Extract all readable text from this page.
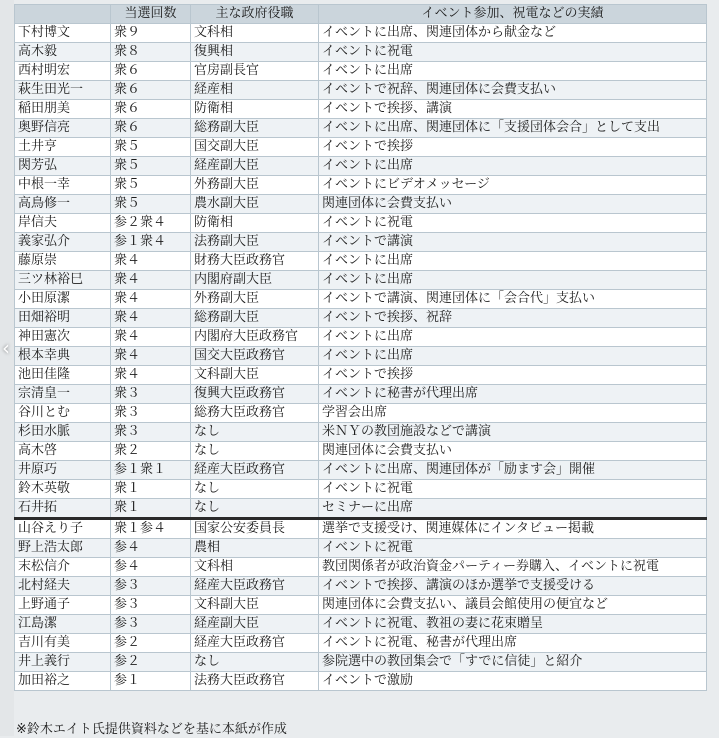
	当選回数	主な政府役職	イベント参加、祝電などの実績
下村博文	衆９	文科相	イベントに出席、関連団体から献金など
高木毅	衆８	復興相	イベントに祝電
西村明宏	衆６	官房副長官	イベントに出席
萩生田光一	衆６	経産相	イベントで祝辞、関連団体に会費支払い
稲田朋美	衆６	防衛相	イベントで挨拶、講演
奥野信亮	衆６	総務副大臣	イベントに出席、関連団体に「支援団体会合」として支出
土井亨	衆５	国交副大臣	イベントで挨拶
関芳弘	衆５	経産副大臣	イベントに出席
中根一幸	衆５	外務副大臣	イベントにビデオメッセージ
高鳥修一	衆５	農水副大臣	関連団体に会費支払い
岸信夫	参２衆４	防衛相	イベントに祝電
義家弘介	参１衆４	法務副大臣	イベントで講演
藤原崇	衆４	財務大臣政務官	イベントに出席
三ツ林裕巳	衆４	内閣府副大臣	イベントに出席
小田原潔	衆４	外務副大臣	イベントで講演、関連団体に「会合代」支払い
田畑裕明	衆４	総務副大臣	イベントで挨拶、祝辞
神田憲次	衆４	内閣府大臣政務官	イベントに出席
根本幸典	衆４	国交大臣政務官	イベントに出席
池田佳隆	衆４	文科副大臣	イベントで挨拶
宗清皇一	衆３	復興大臣政務官	イベントに秘書が代理出席
谷川とむ	衆３	総務大臣政務官	学習会出席
杉田水脈	衆３	なし	米ＮＹの教団施設などで講演
高木啓	衆２	なし	関連団体に会費支払い
井原巧	参１衆１	経産大臣政務官	イベントに出席、関連団体が「励ます会」開催
鈴木英敬	衆１	なし	イベントに祝電
石井拓	衆１	なし	セミナーに出席
山谷えり子	衆１参４	国家公安委員長	選挙で支援受け、関連媒体にインタビュー掲載
野上浩太郎	参４	農相	イベントに祝電
末松信介	参４	文科相	教団関係者が政治資金パーティー券購入、イベントに祝電
北村経夫	参３	経産大臣政務官	イベントで挨拶、講演のほか選挙で支援受ける
上野通子	参３	文科副大臣	関連団体に会費支払い、議員会館使用の便宜など
江島潔	参３	経産副大臣	イベントに祝電、教祖の妻に花束贈呈
吉川有美	参２	経産大臣政務官	イベントに祝電、秘書が代理出席
井上義行	参２	なし	参院選中の教団集会で「すでに信徒」と紹介
加田裕之	参１	法務大臣政務官	イベントで激励
‹
※鈴木エイト氏提供資料などを基に本紙が作成
